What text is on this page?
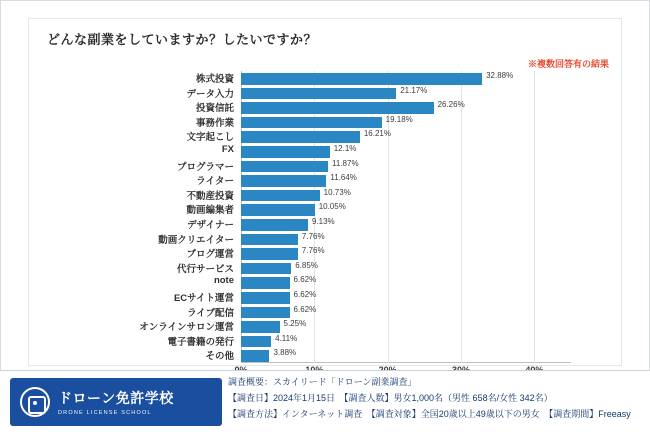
どんな副業をしていますか？したいですか？
※複数回答有の結果
株式投資	32.88%
データ入力	21.17%
投資信託	26.26%
事務作業	19.18%
文字起こし	16.21%
FX	12.1%
プログラマー	11.87%
ライター	11.64%
不動産投資	10.73%
動画編集者	10.05%
デザイナー	9.13%
動画クリエイター	7.76%
ブログ運営	7.76%
代行サービス	6.85%
note	6.62%
ECサイト運営	6.62%
ライブ配信	6.62%
オンラインサロン運営	5.25%
電子書籍の発行	4.11%
その他	3.88%
ドローン免許学校
DRONE LICENSE SCHOOL
調査概要：スカイリード「ドローン副業調査」
【調査日】2024年1月15日　【調査人数】男女1,000名（男性 658名/女性 342名）
【調査方法】インターネット調査　【調査対象】全国20歳以上49歳以下の男女　【調査期間】Freeasy
